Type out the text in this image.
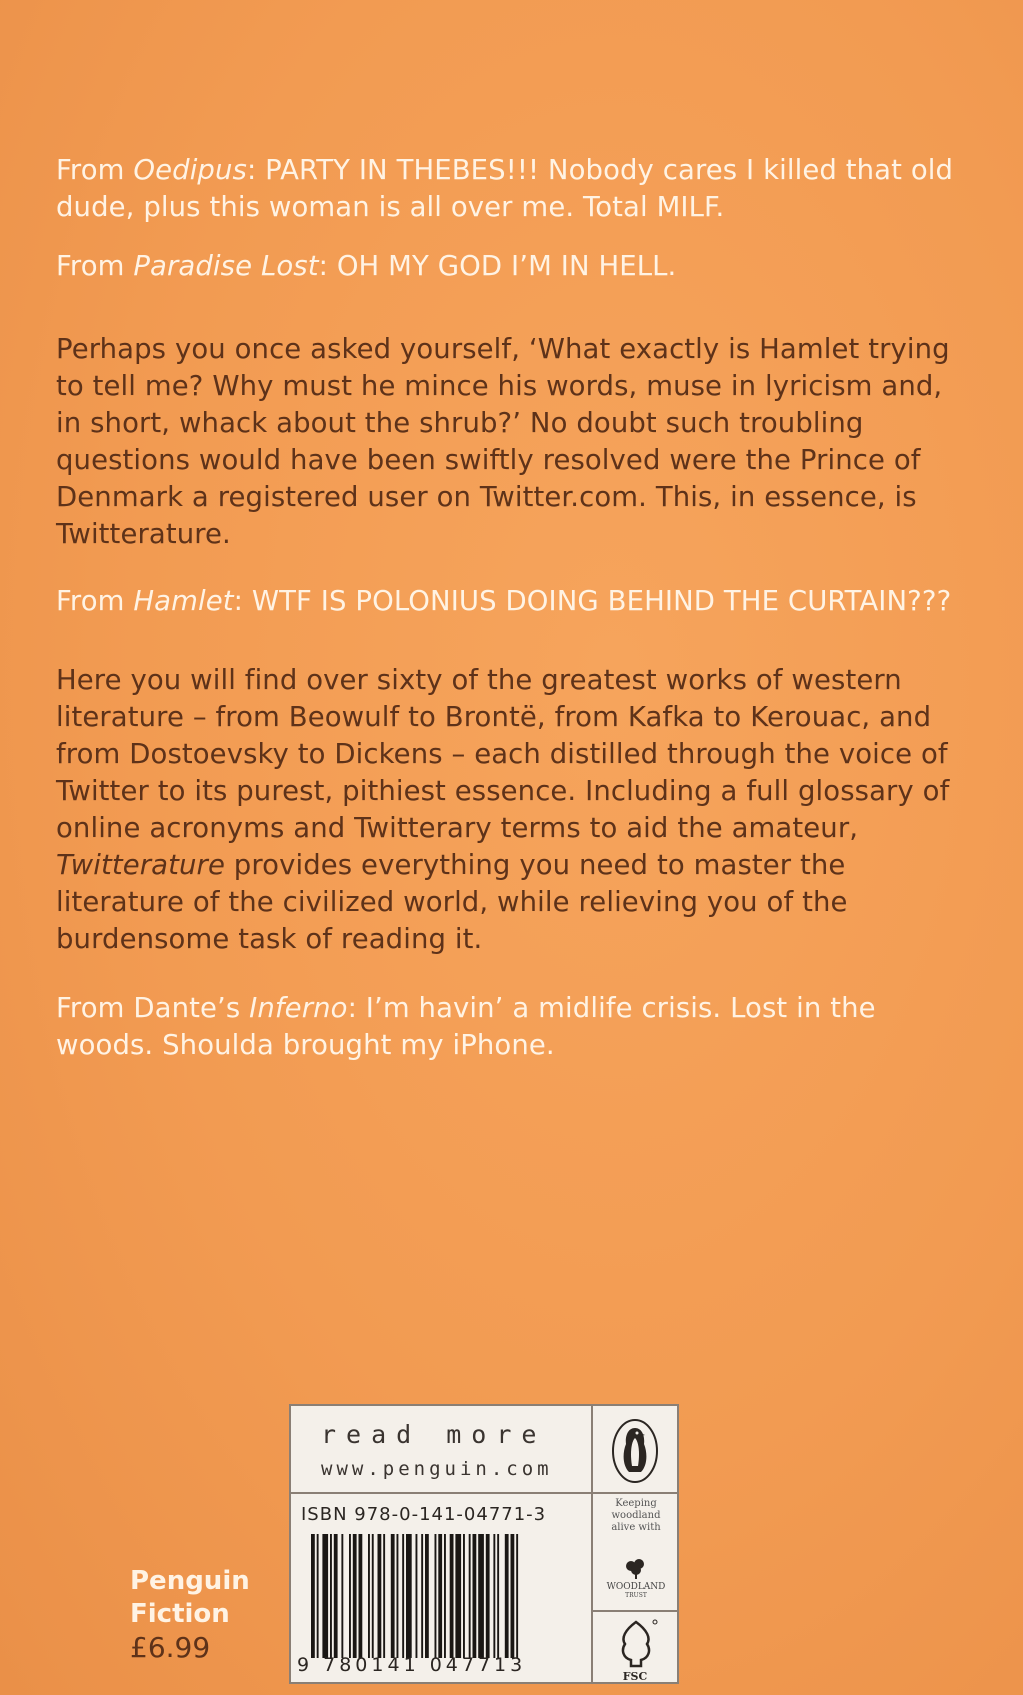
From Oedipus: PARTY IN THEBES!!! Nobody cares I killed that old dude, plus this woman is all over me. Total MILF.

From Paradise Lost: OH MY GOD I’M IN HELL.

Perhaps you once asked yourself, ‘What exactly is Hamlet trying to tell me? Why must he mince his words, muse in lyricism and, in short, whack about the shrub?’ No doubt such troubling questions would have been swiftly resolved were the Prince of Denmark a registered user on Twitter.com. This, in essence, is Twitterature.

From Hamlet: WTF IS POLONIUS DOING BEHIND THE CURTAIN???

Here you will find over sixty of the greatest works of western literature – from Beowulf to Brontë, from Kafka to Kerouac, and from Dostoevsky to Dickens – each distilled through the voice of Twitter to its purest, pithiest essence. Including a full glossary of online acronyms and Twitterary terms to aid the amateur, Twitterature provides everything you need to master the literature of the civilized world, while relieving you of the burdensome task of reading it.

From Dante’s Inferno: I’m havin’ a midlife crisis. Lost in the woods. Shoulda brought my iPhone.

Penguin
Fiction
£6.99
read more
www.penguin.com
ISBN 978-0-141-04771-3
9 780141 047713
Keeping
woodland
alive with
WOODLAND
TRUST
FSC
